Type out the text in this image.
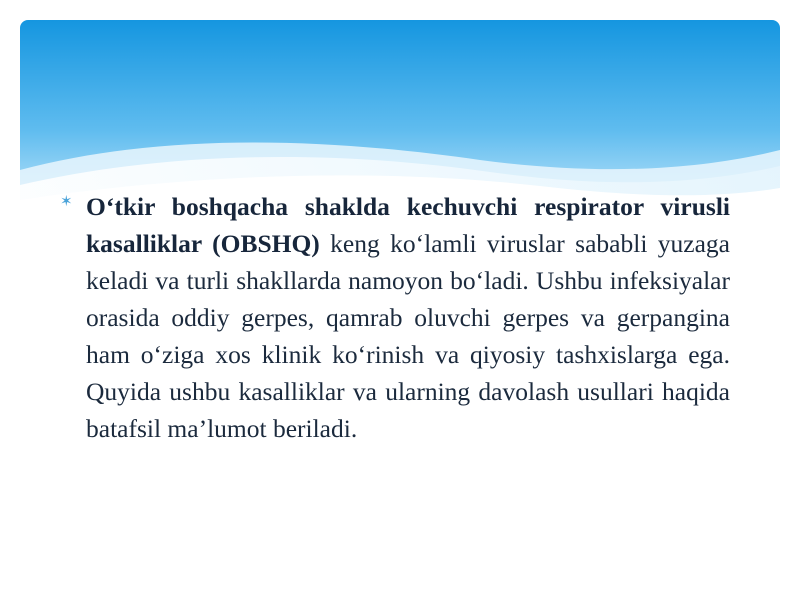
✶ O‘tkir boshqacha shaklda kechuvchi respirator virusli kasalliklar (OBSHQ) keng ko‘lamli viruslar sababli yuzaga keladi va turli shakllarda namoyon bo‘ladi. Ushbu infeksiyalar orasida oddiy gerpes, qamrab oluvchi gerpes va gerpangina ham o‘ziga xos klinik ko‘rinish va qiyosiy tashxislarga ega. Quyida ushbu kasalliklar va ularning davolash usullari haqida batafsil ma’lumot beriladi.
